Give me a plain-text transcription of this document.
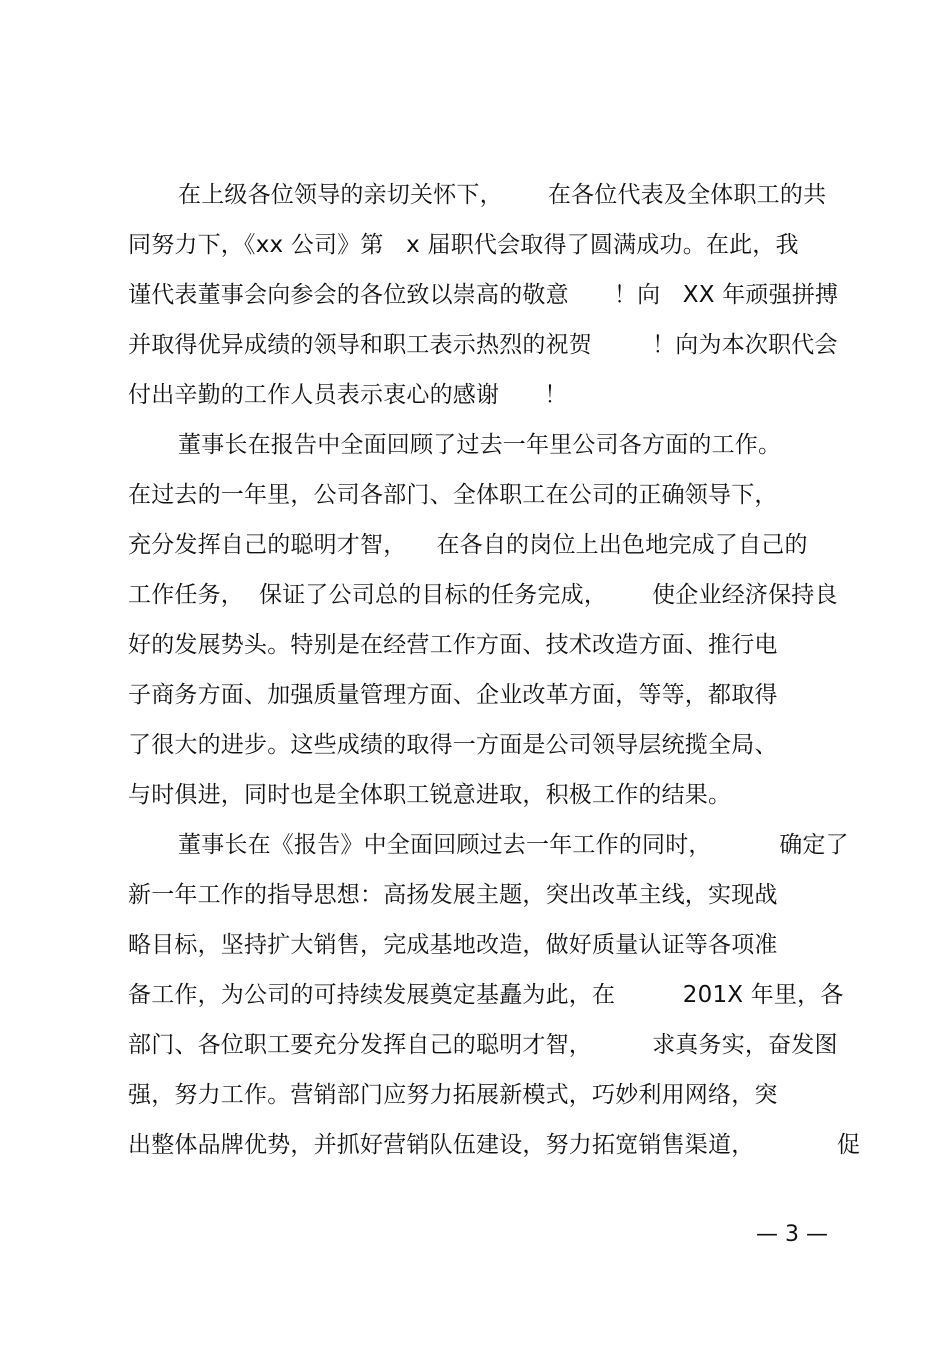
在上级各位领导的亲切关怀下，      在各位代表及全体职工的共
同努力下，《xx 公司》第   x 届职代会取得了圆满成功。在此，我
谨代表董事会向参会的各位致以崇高的敬意      ！向   XX 年顽强拼搏
并取得优异成绩的领导和职工表示热烈的祝贺        ！向为本次职代会
付出辛勤的工作人员表示衷心的感谢      ！
董事长在报告中全面回顾了过去一年里公司各方面的工作。
在过去的一年里，公司各部门、全体职工在公司的正确领导下，
充分发挥自己的聪明才智，    在各自的岗位上出色地完成了自己的
工作任务，  保证了公司总的目标的任务完成，      使企业经济保持良
好的发展势头。特别是在经营工作方面、技术改造方面、推行电
子商务方面、加强质量管理方面、企业改革方面，等等，都取得
了很大的进步。这些成绩的取得一方面是公司领导层统揽全局、
与时俱进，同时也是全体职工锐意进取，积极工作的结果。
董事长在《报告》中全面回顾过去一年工作的同时，         确定了
新一年工作的指导思想：高扬发展主题，突出改革主线，实现战
略目标，坚持扩大销售，完成基地改造，做好质量认证等各项准
备工作，为公司的可持续发展奠定基矗为此，在         201X 年里，各
部门、各位职工要充分发挥自己的聪明才智，        求真务实，奋发图
强，努力工作。营销部门应努力拓展新模式，巧妙利用网络，突
出整体品牌优势，并抓好营销队伍建设，努力拓宽销售渠道，           促
— 3 —
